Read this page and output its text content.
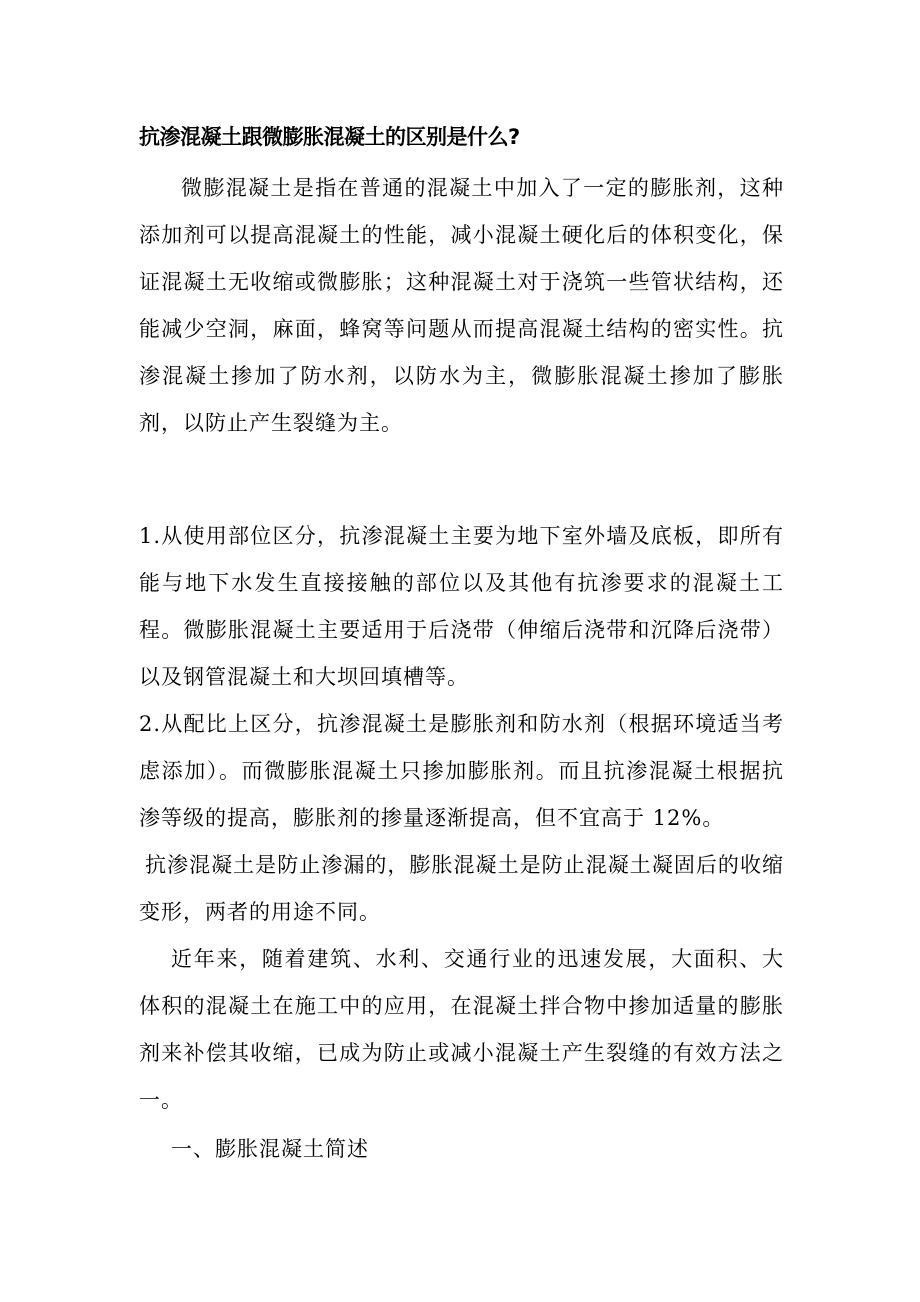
抗渗混凝土跟微膨胀混凝土的区别是什么?

微膨混凝土是指在普通的混凝土中加入了一定的膨胀剂，这种添加剂可以提高混凝土的性能，减小混凝土硬化后的体积变化，保证混凝土无收缩或微膨胀；这种混凝土对于浇筑一些管状结构，还能减少空洞，麻面，蜂窝等问题从而提高混凝土结构的密实性。抗渗混凝土掺加了防水剂，以防水为主，微膨胀混凝土掺加了膨胀剂，以防止产生裂缝为主。

1.从使用部位区分，抗渗混凝土主要为地下室外墙及底板，即所有能与地下水发生直接接触的部位以及其他有抗渗要求的混凝土工程。微膨胀混凝土主要适用于后浇带（伸缩后浇带和沉降后浇带）以及钢管混凝土和大坝回填槽等。

2.从配比上区分，抗渗混凝土是膨胀剂和防水剂（根据环境适当考虑添加）。而微膨胀混凝土只掺加膨胀剂。而且抗渗混凝土根据抗渗等级的提高，膨胀剂的掺量逐渐提高，但不宜高于 12%。

抗渗混凝土是防止渗漏的，膨胀混凝土是防止混凝土凝固后的收缩变形，两者的用途不同。

近年来，随着建筑、水利、交通行业的迅速发展，大面积、大体积的混凝土在施工中的应用，在混凝土拌合物中掺加适量的膨胀剂来补偿其收缩，已成为防止或减小混凝土产生裂缝的有效方法之一。

一、膨胀混凝土简述
